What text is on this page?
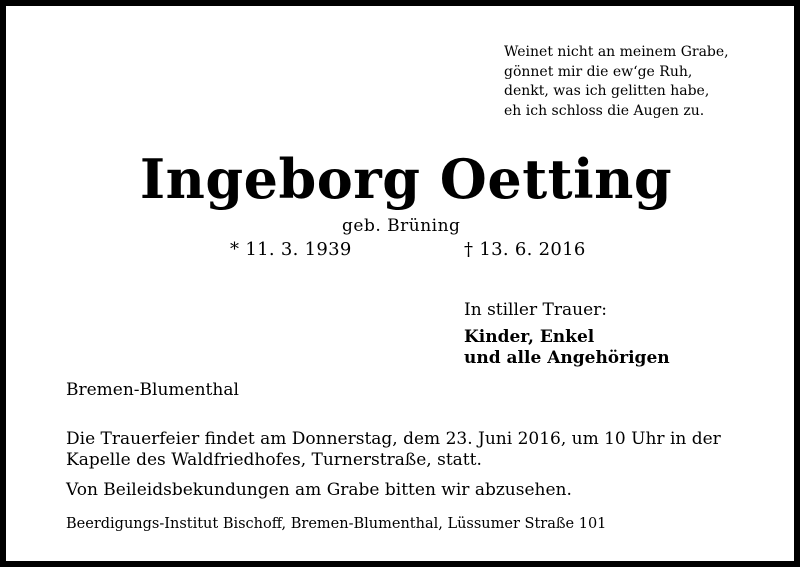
Weinet nicht an meinem Grabe,
gönnet mir die ew‘ge Ruh,
denkt, was ich gelitten habe,
eh ich schloss die Augen zu.
Ingeborg Oetting
geb. Brüning
* 11. 3. 1939	† 13. 6. 2016
In stiller Trauer:
Kinder, Enkel
und alle Angehörigen
Bremen-Blumenthal
Die Trauerfeier findet am Donnerstag, dem 23. Juni 2016, um 10 Uhr in der
Kapelle des Waldfriedhofes, Turnerstraße, statt.
Von Beileidsbekundungen am Grabe bitten wir abzusehen.
Beerdigungs-Institut Bischoff, Bremen-Blumenthal, Lüssumer Straße 101
